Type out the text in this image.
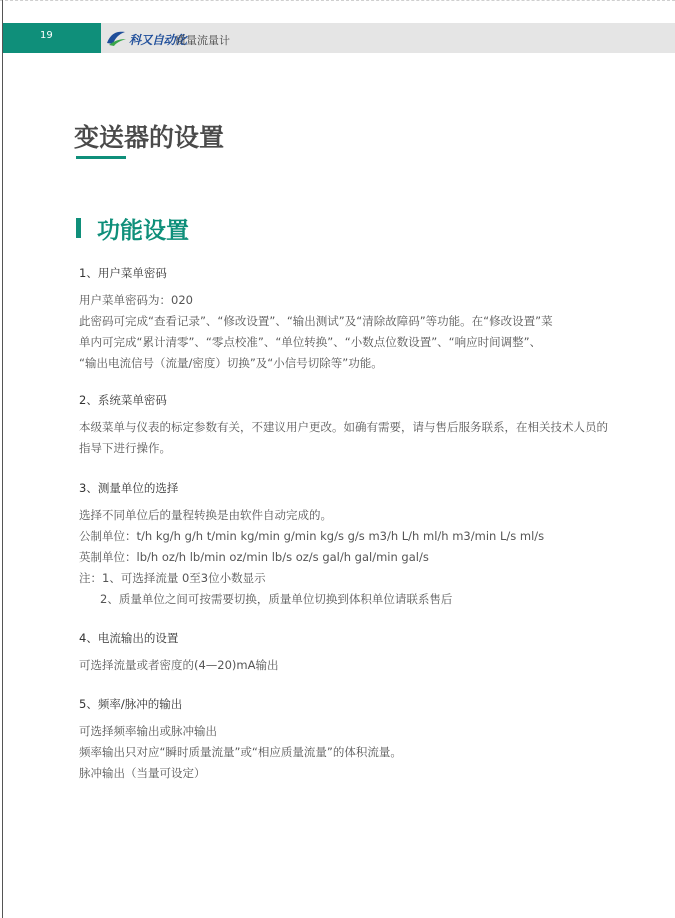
19	科又自动化
质量流量计
变送器的设置
功能设置
1、用户菜单密码
用户菜单密码为：020
此密码可完成“查看记录”、“修改设置”、“输出测试”及“清除故障码”等功能。在“修改设置”菜
单内可完成“累计清零”、“零点校准”、“单位转换”、“小数点位数设置”、“响应时间调整”、
“输出电流信号（流量/密度）切换”及“小信号切除等”功能。
2、系统菜单密码
本级菜单与仪表的标定参数有关，不建议用户更改。如确有需要，请与售后服务联系，在相关技术人员的
指导下进行操作。
3、测量单位的选择
选择不同单位后的量程转换是由软件自动完成的。
公制单位：t/h kg/h g/h t/min kg/min g/min kg/s g/s m3/h L/h ml/h m3/min L/s ml/s
英制单位：lb/h oz/h lb/min oz/min lb/s oz/s gal/h gal/min gal/s
注：1、可选择流量 0至3位小数显示
2、质量单位之间可按需要切换，质量单位切换到体积单位请联系售后
4、电流输出的设置
可选择流量或者密度的(4—20)mA输出
5、频率/脉冲的输出
可选择频率输出或脉冲输出
频率输出只对应“瞬时质量流量”或“相应质量流量”的体积流量。
脉冲输出（当量可设定）
